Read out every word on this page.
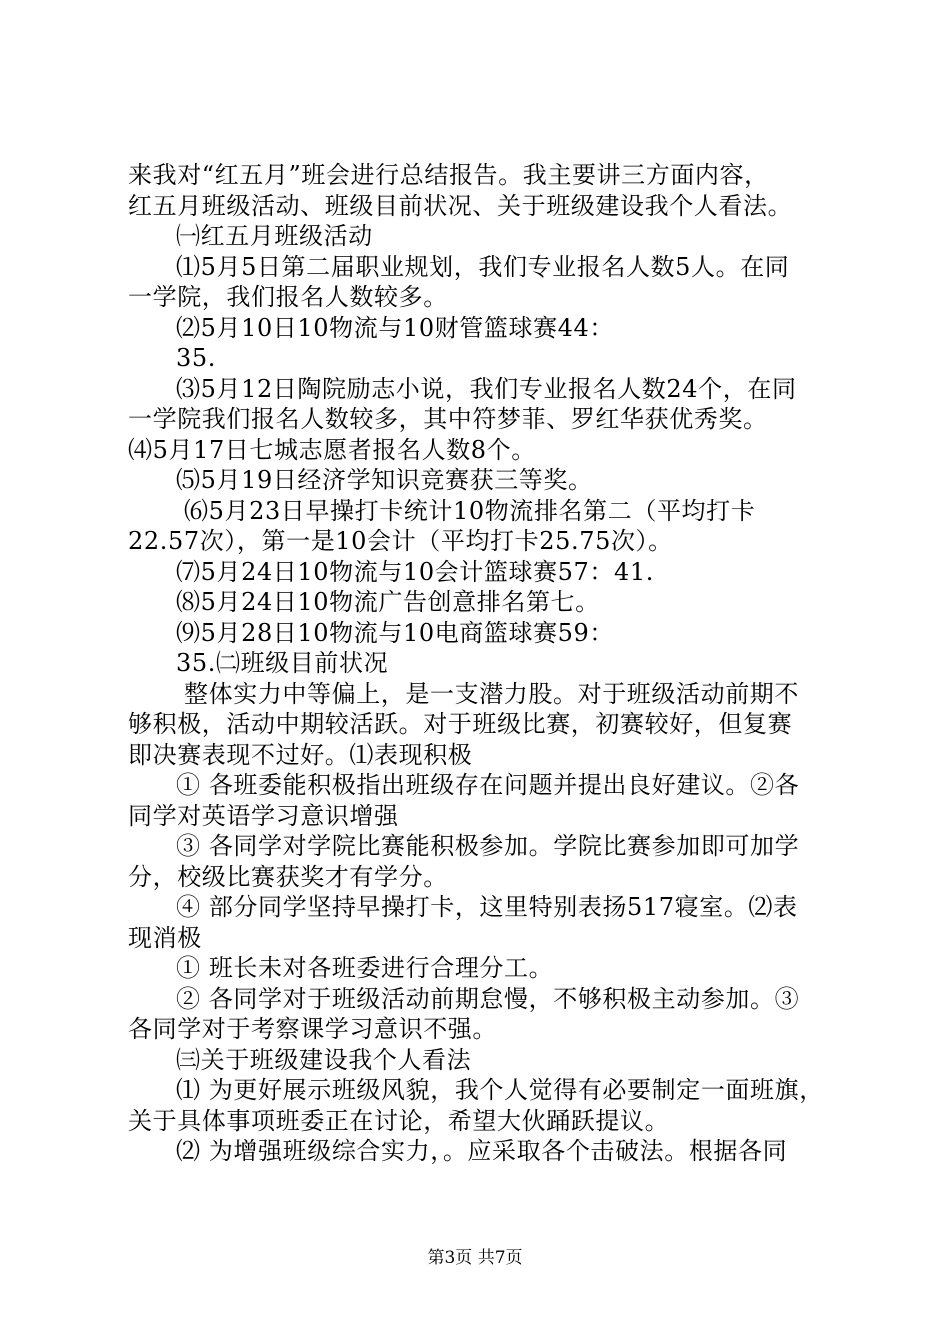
来我对“红五月”班会进行总结报告。我主要讲三方面内容，
红五月班级活动、班级目前状况、关于班级建设我个人看法。
㈠红五月班级活动
⑴5月5日第二届职业规划，我们专业报名人数5人。在同
一学院，我们报名人数较多。
⑵5月10日10物流与10财管篮球赛44：
35.
⑶5月12日陶院励志小说，我们专业报名人数24个，在同
一学院我们报名人数较多，其中符梦菲、罗红华获优秀奖。
⑷5月17日七城志愿者报名人数8个。
⑸5月19日经济学知识竞赛获三等奖。
⑹5月23日早操打卡统计10物流排名第二（平均打卡
22.57次），第一是10会计（平均打卡25.75次）。
⑺5月24日10物流与10会计篮球赛57：41.
⑻5月24日10物流广告创意排名第七。
⑼5月28日10物流与10电商篮球赛59：
35.㈡班级目前状况
整体实力中等偏上，是一支潜力股。对于班级活动前期不
够积极，活动中期较活跃。对于班级比赛，初赛较好，但复赛
即决赛表现不过好。⑴表现积极
① 各班委能积极指出班级存在问题并提出良好建议。②各
同学对英语学习意识增强
③ 各同学对学院比赛能积极参加。学院比赛参加即可加学
分，校级比赛获奖才有学分。
④ 部分同学坚持早操打卡，这里特别表扬517寝室。⑵表
现消极
① 班长未对各班委进行合理分工。
② 各同学对于班级活动前期怠慢，不够积极主动参加。③
各同学对于考察课学习意识不强。
㈢关于班级建设我个人看法
⑴ 为更好展示班级风貌，我个人觉得有必要制定一面班旗，
关于具体事项班委正在讨论，希望大伙踊跃提议。
⑵ 为增强班级综合实力，。应采取各个击破法。根据各同
第3页 共7页
